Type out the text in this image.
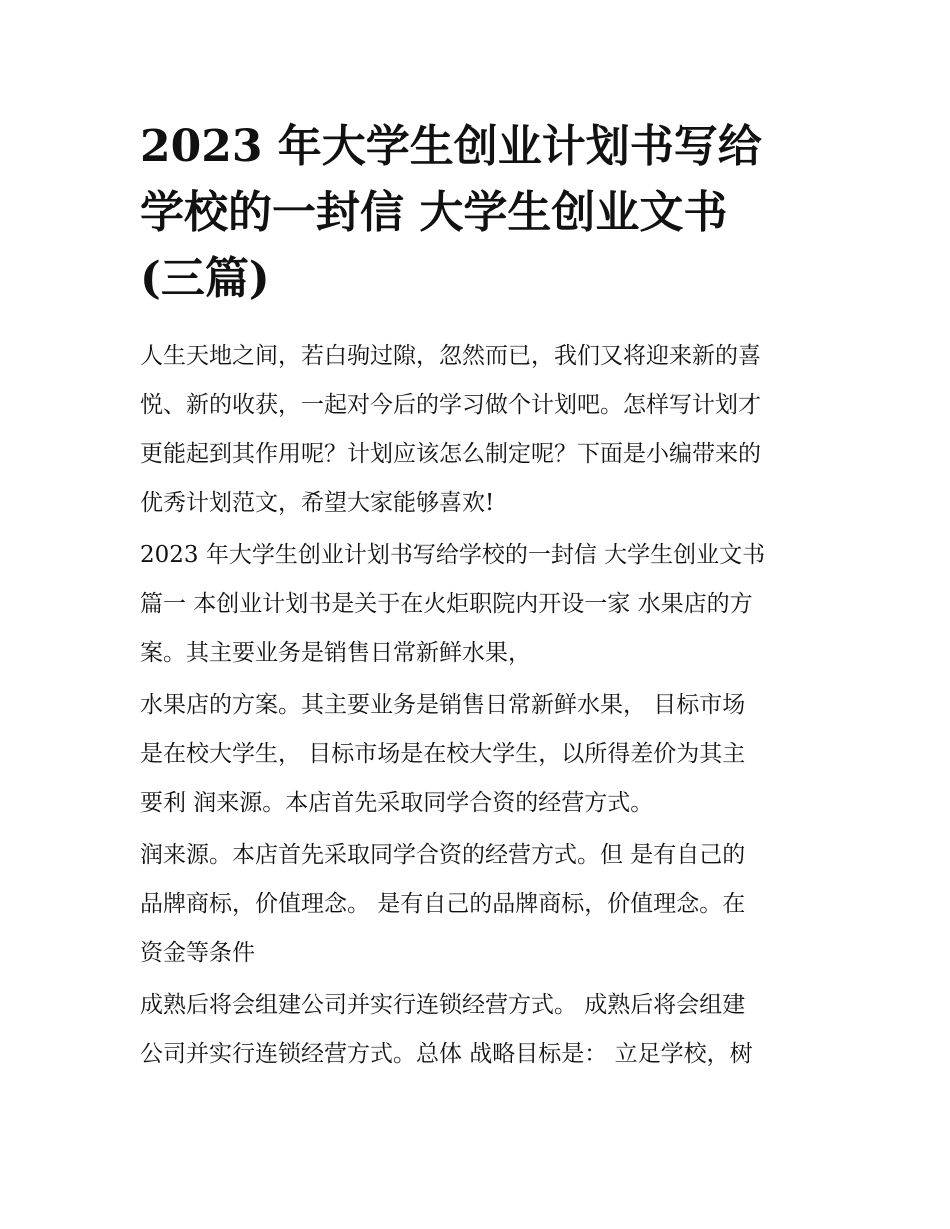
2023 年大学生创业计划书写给
学校的一封信 大学生创业文书
(三篇)

人生天地之间，若白驹过隙，忽然而已，我们又将迎来新的喜
悦、新的收获，一起对今后的学习做个计划吧。怎样写计划才
更能起到其作用呢？计划应该怎么制定呢？下面是小编带来的
优秀计划范文，希望大家能够喜欢!

2023 年大学生创业计划书写给学校的一封信 大学生创业文书
篇一 本创业计划书是关于在火炬职院内开设一家 水果店的方
案。其主要业务是销售日常新鲜水果，

水果店的方案。其主要业务是销售日常新鲜水果， 目标市场
是在校大学生， 目标市场是在校大学生，以所得差价为其主
要利 润来源。本店首先采取同学合资的经营方式。

润来源。本店首先采取同学合资的经营方式。但 是有自己的
品牌商标，价值理念。 是有自己的品牌商标，价值理念。在
资金等条件

成熟后将会组建公司并实行连锁经营方式。 成熟后将会组建
公司并实行连锁经营方式。总体 战略目标是： 立足学校，树
